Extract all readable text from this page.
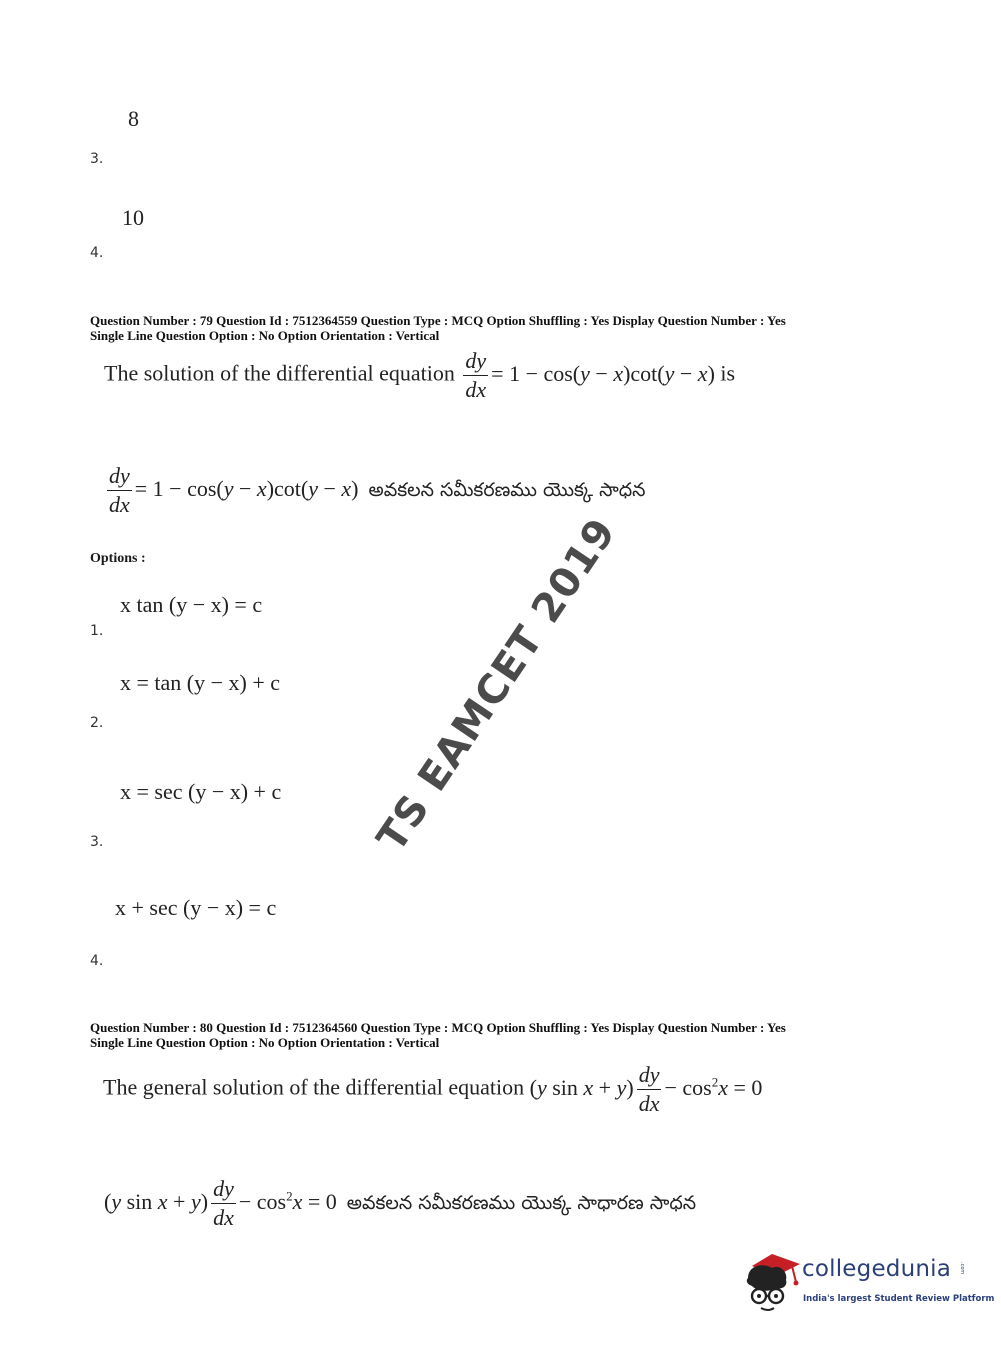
8
3.
10
4.
Question Number : 79 Question Id : 7512364559 Question Type : MCQ Option Shuffling : Yes Display Question Number : Yes
Single Line Question Option : No Option Orientation : Vertical
The solution of the differential equation $\frac{dy}{dx} = 1 - \cos(y - x)\cot(y - x)$ is
$\frac{dy}{dx} = 1 - \cos(y - x)\cot(y - x)$ అవకలన సమీకరణము యొక్క సాధన
Options :
x tan (y − x) = c
1.
x = tan (y − x) + c
2.
x = sec (y − x) + c
3.
x + sec (y − x) = c
4.
Question Number : 80 Question Id : 7512364560 Question Type : MCQ Option Shuffling : Yes Display Question Number : Yes
Single Line Question Option : No Option Orientation : Vertical
The general solution of the differential equation (y $\sin x + y) \frac{dy}{dx} - \cos^2x = 0$
(y $\sin x + y) \frac{dy}{dx} - \cos^2x = 0$ అవకలన సమీకరణము యొక్క సాధారణ సాధన
TS EAMCET 2019
collegedunia .com
India's largest Student Review Platform
